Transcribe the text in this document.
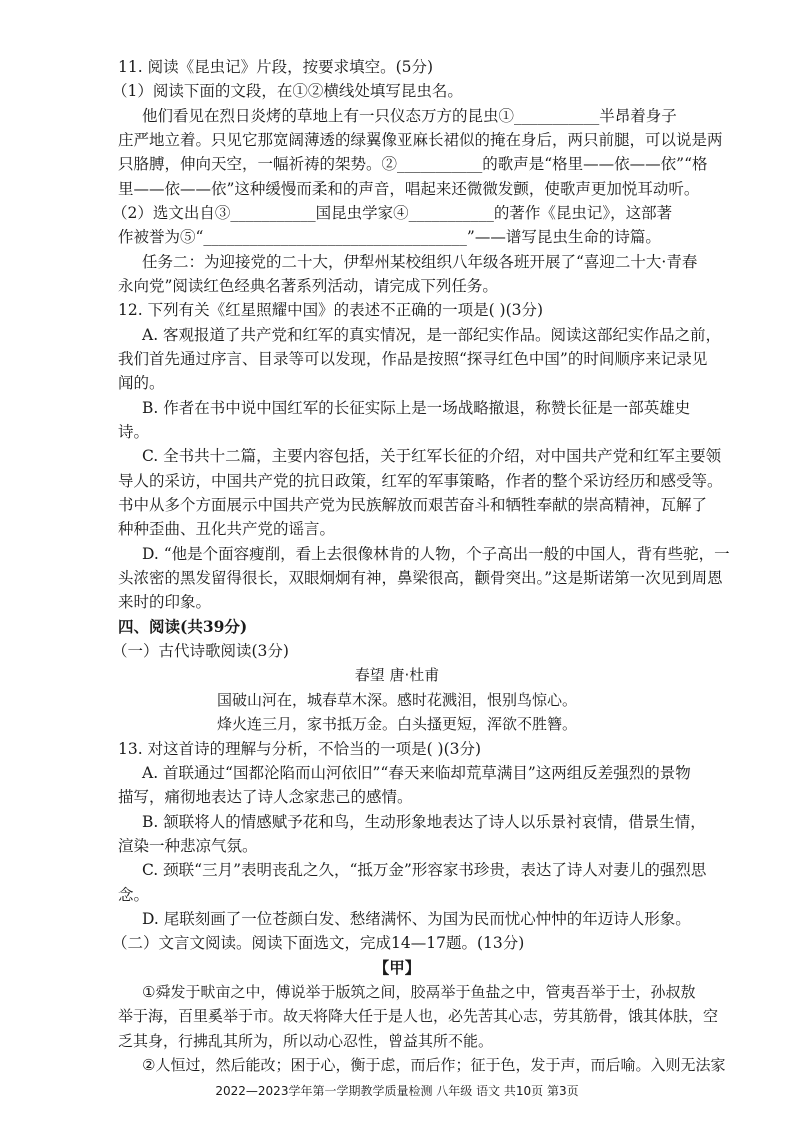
11. 阅读《昆虫记》片段，按要求填空。(5分)
（1）阅读下面的文段，在①②横线处填写昆虫名。
他们看见在烈日炎烤的草地上有一只仪态万方的昆虫①___________半昂着身子
庄严地立着。只见它那宽阔薄透的绿翼像亚麻长裙似的掩在身后，两只前腿，可以说是两
只胳膊，伸向天空，一幅祈祷的架势。②___________的歌声是“格里——依——依”“格
里——依——依”这种缓慢而柔和的声音，唱起来还微微发颤，使歌声更加悦耳动听。
（2）选文出自③___________国昆虫学家④___________的著作《昆虫记》，这部著
作被誉为⑤“__________________________________”——谱写昆虫生命的诗篇。
任务二：为迎接党的二十大，伊犁州某校组织八年级各班开展了“喜迎二十大·青春
永向党”阅读红色经典名著系列活动，请完成下列任务。
12. 下列有关《红星照耀中国》的表述不正确的一项是( )(3分)
A. 客观报道了共产党和红军的真实情况，是一部纪实作品。阅读这部纪实作品之前，
我们首先通过序言、目录等可以发现，作品是按照“探寻红色中国”的时间顺序来记录见
闻的。
B. 作者在书中说中国红军的长征实际上是一场战略撤退，称赞长征是一部英雄史
诗。
C. 全书共十二篇，主要内容包括，关于红军长征的介绍，对中国共产党和红军主要领
导人的采访，中国共产党的抗日政策，红军的军事策略，作者的整个采访经历和感受等。
书中从多个方面展示中国共产党为民族解放而艰苦奋斗和牺牲奉献的崇高精神，瓦解了
种种歪曲、丑化共产党的谣言。
D. “他是个面容瘦削，看上去很像林肯的人物，个子高出一般的中国人，背有些驼，一
头浓密的黑发留得很长，双眼炯炯有神，鼻梁很高，颧骨突出。”这是斯诺第一次见到周恩
来时的印象。
四、阅读(共39分)
（一）古代诗歌阅读(3分)
春望 唐·杜甫
国破山河在，城春草木深。感时花溅泪，恨别鸟惊心。
烽火连三月，家书抵万金。白头搔更短，浑欲不胜簪。
13. 对这首诗的理解与分析，不恰当的一项是( )(3分)
A. 首联通过“国都沦陷而山河依旧”“春天来临却荒草满目”这两组反差强烈的景物
描写，痛彻地表达了诗人念家悲己的感情。
B. 颔联将人的情感赋予花和鸟，生动形象地表达了诗人以乐景衬哀情，借景生情，
渲染一种悲凉气氛。
C. 颈联“三月”表明丧乱之久，“抵万金”形容家书珍贵，表达了诗人对妻儿的强烈思
念。
D. 尾联刻画了一位苍颜白发、愁绪满怀、为国为民而忧心忡忡的年迈诗人形象。
（二）文言文阅读。阅读下面选文，完成14—17题。(13分)
【甲】
①舜发于畎亩之中，傅说举于版筑之间，胶鬲举于鱼盐之中，管夷吾举于士，孙叔敖
举于海，百里奚举于市。故天将降大任于是人也，必先苦其心志，劳其筋骨，饿其体肤，空
乏其身，行拂乱其所为，所以动心忍性，曾益其所不能。
②人恒过，然后能改；困于心，衡于虑，而后作；征于色，发于声，而后喻。入则无法家
2022—2023学年第一学期教学质量检测 八年级 语文 共10页 第3页
